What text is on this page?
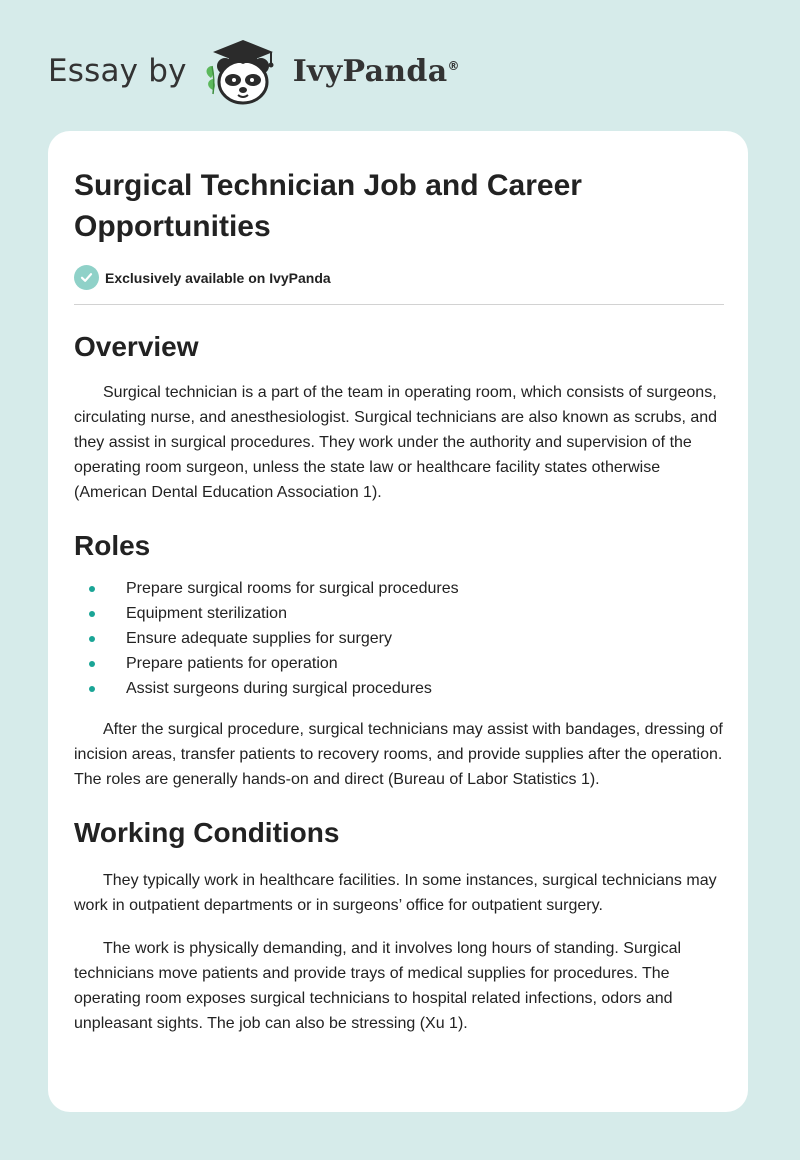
Essay by	IvyPanda®
Surgical Technician Job and Career Opportunities
Exclusively available on IvyPanda
Overview

Surgical technician is a part of the team in operating room, which consists of surgeons, circulating nurse, and anesthesiologist. Surgical technicians are also known as scrubs, and they assist in surgical procedures. They work under the authority and supervision of the operating room surgeon, unless the state law or healthcare facility states otherwise (American Dental Education Association 1).

Roles
Prepare surgical rooms for surgical procedures
Equipment sterilization
Ensure adequate supplies for surgery
Prepare patients for operation
Assist surgeons during surgical procedures

After the surgical procedure, surgical technicians may assist with bandages, dressing of incision areas, transfer patients to recovery rooms, and provide supplies after the operation. The roles are generally hands-on and direct (Bureau of Labor Statistics 1).

Working Conditions

They typically work in healthcare facilities. In some instances, surgical technicians may work in outpatient departments or in surgeons’ office for outpatient surgery.

The work is physically demanding, and it involves long hours of standing. Surgical technicians move patients and provide trays of medical supplies for procedures. The operating room exposes surgical technicians to hospital related infections, odors and unpleasant sights. The job can also be stressing (Xu 1).
